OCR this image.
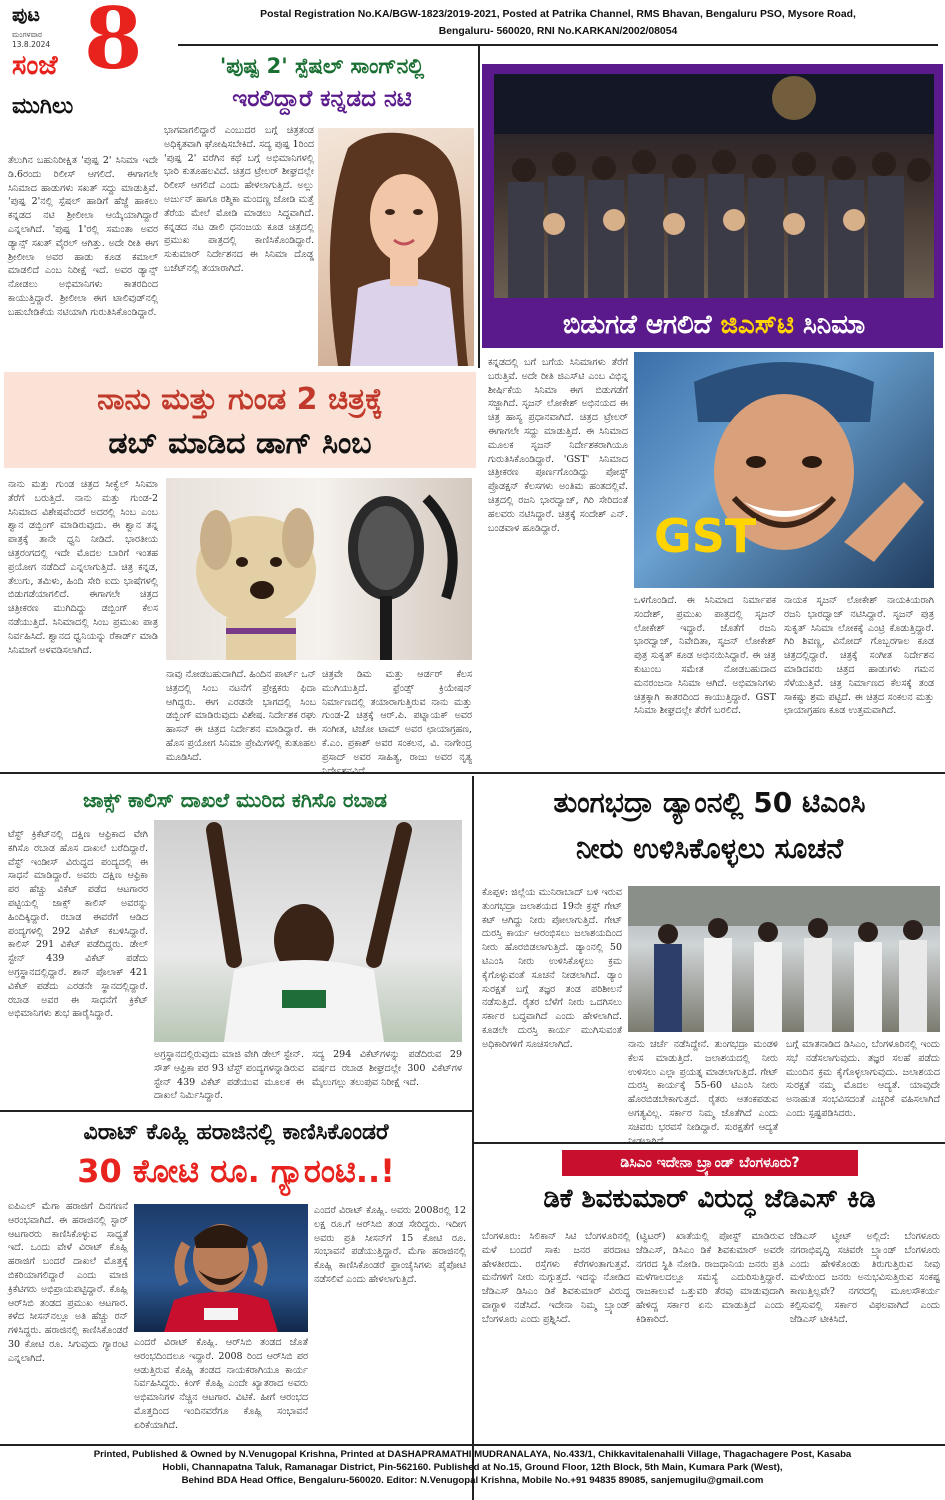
ಪುಟ
ಮಂಗಳವಾರ
13.8.2024 8
ಸಂಜೆ
ಮುಗಿಲು
Postal Registration No.KA/BGW-1823/2019-2021, Posted at Patrika Channel, RMS Bhavan, Bengaluru PSO, Mysore Road,
Bengaluru- 560020, RNI No.KARKAN/2002/08054
'ಪುಷ್ಪ 2' ಸ್ಪೆಷಲ್ ಸಾಂಗ್‌ನಲ್ಲಿ
ಇರಲಿದ್ದಾರೆ ಕನ್ನಡದ ನಟಿ
ತೆಲುಗಿನ ಬಹುನಿರೀಕ್ಷಿತ 'ಪುಷ್ಪ 2' ಸಿನಿಮಾ ಇದೇ ಡಿ.6ರಂದು ರಿಲೀಸ್ ಆಗಲಿದೆ. ಈಗಾಗಲೇ ಸಿನಿಮಾದ ಹಾಡುಗಳು ಸಖತ್ ಸದ್ದು ಮಾಡುತ್ತಿವೆ. 'ಪುಷ್ಪ 2'ನಲ್ಲಿ ಸ್ಪೆಷಲ್ ಹಾಡಿಗೆ ಹೆಜ್ಜೆ ಹಾಕಲು ಕನ್ನಡದ ನಟಿ ಶ್ರೀಲೀಲಾ ಆಯ್ಕೆಯಾಗಿದ್ದಾರೆ ಎನ್ನಲಾಗಿದೆ. 'ಪುಷ್ಪ 1'ರಲ್ಲಿ ಸಮಂತಾ ಅವರ ಡ್ಯಾನ್ಸ್ ಸಖತ್ ವೈರಲ್ ಆಗಿತ್ತು. ಅದೇ ರೀತಿ ಈಗ ಶ್ರೀಲೀಲಾ ಅವರ ಹಾಡು ಕೂಡ ಕಮಾಲ್ ಮಾಡಲಿದೆ ಎಂಬ ನಿರೀಕ್ಷೆ ಇದೆ. ಅವರ ಡ್ಯಾನ್ಸ್ ನೋಡಲು ಅಭಿಮಾನಿಗಳು ಕಾತರದಿಂದ ಕಾಯುತ್ತಿದ್ದಾರೆ. ಶ್ರೀಲೀಲಾ ಈಗ ಟಾಲಿವುಡ್‌ನಲ್ಲಿ ಬಹುಬೇಡಿಕೆಯ ನಟಿಯಾಗಿ ಗುರುತಿಸಿಕೊಂಡಿದ್ದಾರೆ.
ಭಾಗವಾಗಲಿದ್ದಾರೆ ಎಂಬುದರ ಬಗ್ಗೆ ಚಿತ್ರತಂಡ ಅಧಿಕೃತವಾಗಿ ಘೋಷಿಸಬೇಕಿದೆ. ಸದ್ಯ ಪುಷ್ಪ 1ರಿಂದ 'ಪುಷ್ಪ 2' ವರೆಗಿನ ಕಥೆ ಬಗ್ಗೆ ಅಭಿಮಾನಿಗಳಲ್ಲಿ ಭಾರಿ ಕುತೂಹಲವಿದೆ. ಚಿತ್ರದ ಟ್ರೇಲರ್ ಶೀಘ್ರದಲ್ಲೇ ರಿಲೀಸ್ ಆಗಲಿದೆ ಎಂದು ಹೇಳಲಾಗುತ್ತಿದೆ. ಅಲ್ಲು ಅರ್ಜುನ್ ಹಾಗೂ ರಶ್ಮಿಕಾ ಮಂದಣ್ಣ ಜೋಡಿ ಮತ್ತೆ ತೆರೆಯ ಮೇಲೆ ಮೋಡಿ ಮಾಡಲು ಸಿದ್ಧವಾಗಿದೆ. ಕನ್ನಡದ ನಟ ಡಾಲಿ ಧನಂಜಯ ಕೂಡ ಚಿತ್ರದಲ್ಲಿ ಪ್ರಮುಖ ಪಾತ್ರದಲ್ಲಿ ಕಾಣಿಸಿಕೊಂಡಿದ್ದಾರೆ. ಸುಕುಮಾರ್ ನಿರ್ದೇಶನದ ಈ ಸಿನಿಮಾ ದೊಡ್ಡ ಬಜೆಟ್‌ನಲ್ಲಿ ತಯಾರಾಗಿದೆ.
ಬಿಡುಗಡೆ ಆಗಲಿದೆ ಜಿಎಸ್‌ಟಿ ಸಿನಿಮಾ
ಕನ್ನಡದಲ್ಲಿ ಬಗೆ ಬಗೆಯ ಸಿನಿಮಾಗಳು ತೆರೆಗೆ ಬರುತ್ತಿವೆ. ಅದೇ ರೀತಿ ಜಿಎಸ್‌ಟಿ ಎಂಬ ವಿಭಿನ್ನ ಶೀರ್ಷಿಕೆಯ ಸಿನಿಮಾ ಈಗ ಬಿಡುಗಡೆಗೆ ಸಜ್ಜಾಗಿದೆ. ಸೃಜನ್ ಲೋಕೇಶ್ ಅಭಿನಯದ ಈ ಚಿತ್ರ ಹಾಸ್ಯ ಪ್ರಧಾನವಾಗಿದೆ. ಚಿತ್ರದ ಟ್ರೇಲರ್ ಈಗಾಗಲೇ ಸದ್ದು ಮಾಡುತ್ತಿದೆ. ಈ ಸಿನಿಮಾದ ಮೂಲಕ ಸೃಜನ್ ನಿರ್ದೇಶಕರಾಗಿಯೂ ಗುರುತಿಸಿಕೊಂಡಿದ್ದಾರೆ. 'GST' ಸಿನಿಮಾದ ಚಿತ್ರೀಕರಣ ಪೂರ್ಣಗೊಂಡಿದ್ದು ಪೋಸ್ಟ್ ಪ್ರೊಡಕ್ಷನ್ ಕೆಲಸಗಳು ಅಂತಿಮ ಹಂತದಲ್ಲಿವೆ. ಚಿತ್ರದಲ್ಲಿ ರಜನಿ ಭಾರದ್ವಾಜ್, ಗಿರಿ ಸೇರಿದಂತೆ ಹಲವರು ನಟಿಸಿದ್ದಾರೆ. ಚಿತ್ರಕ್ಕೆ ಸಂದೇಶ್ ಎನ್. ಬಂಡವಾಳ ಹೂಡಿದ್ದಾರೆ.	GST
ಒಳಗೊಂಡಿದೆ. ಈ ಸಿನಿಮಾದ ನಿರ್ಮಾಪಕ ಸಂದೇಶ್, ಪ್ರಮುಖ ಪಾತ್ರದಲ್ಲಿ ಸೃಜನ್ ಲೋಕೇಶ್ ಇದ್ದಾರೆ. ಜೊತೆಗೆ ರಜನಿ ಭಾರದ್ವಾಜ್, ನಿವೇದಿತಾ, ಸೃಜನ್ ಲೋಕೇಶ್ ಪುತ್ರ ಸುಕೃತ್ ಕೂಡ ಅಭಿನಯಿಸಿದ್ದಾರೆ. ಈ ಚಿತ್ರ ಕುಟುಂಬ ಸಮೇತ ನೋಡಬಹುದಾದ ಮನರಂಜನಾ ಸಿನಿಮಾ ಆಗಿದೆ. ಅಭಿಮಾನಿಗಳು ಚಿತ್ರಕ್ಕಾಗಿ ಕಾತರದಿಂದ ಕಾಯುತ್ತಿದ್ದಾರೆ. GST ಸಿನಿಮಾ ಶೀಘ್ರದಲ್ಲೇ ತೆರೆಗೆ ಬರಲಿದೆ.
ನಾಯಕ ಸೃಜನ್ ಲೋಕೇಶ್ ನಾಯಕಿಯರಾಗಿ ರಜನಿ ಭಾರದ್ವಾಜ್ ನಟಿಸಿದ್ದಾರೆ. ಸೃಜನ್ ಪುತ್ರ ಸುಕೃತ್ ಸಿನಿಮಾ ಲೋಕಕ್ಕೆ ಎಂಟ್ರಿ ಕೊಡುತ್ತಿದ್ದಾರೆ. ಗಿರಿ ಶಿವಣ್ಣ, ವಿನೋದ್ ಗೊಬ್ಬರಗಾಲ ಕೂಡ ಚಿತ್ರದಲ್ಲಿದ್ದಾರೆ. ಚಿತ್ರಕ್ಕೆ ಸಂಗೀತ ನಿರ್ದೇಶನ ಮಾಡಿದವರು ಚಿತ್ರದ ಹಾಡುಗಳು ಗಮನ ಸೆಳೆಯುತ್ತಿವೆ. ಚಿತ್ರ ನಿರ್ಮಾಣದ ಕೆಲಸಕ್ಕೆ ತಂಡ ಸಾಕಷ್ಟು ಶ್ರಮ ಪಟ್ಟಿದೆ. ಈ ಚಿತ್ರದ ಸಂಕಲನ ಮತ್ತು ಛಾಯಾಗ್ರಹಣ ಕೂಡ ಉತ್ತಮವಾಗಿದೆ.
ನಾನು ಮತ್ತು ಗುಂಡ 2 ಚಿತ್ರಕ್ಕೆ
ಡಬ್ ಮಾಡಿದ ಡಾಗ್ ಸಿಂಬ
ನಾನು ಮತ್ತು ಗುಂಡ ಚಿತ್ರದ ಸೀಕ್ವೆಲ್ ಸಿನಿಮಾ ತೆರೆಗೆ ಬರುತ್ತಿದೆ. ನಾನು ಮತ್ತು ಗುಂಡ-2 ಸಿನಿಮಾದ ವಿಶೇಷವೆಂದರೆ ಅದರಲ್ಲಿ ಸಿಂಬ ಎಂಬ ಶ್ವಾನ ಡಬ್ಬಿಂಗ್ ಮಾಡಿರುವುದು. ಈ ಶ್ವಾನ ತನ್ನ ಪಾತ್ರಕ್ಕೆ ತಾನೇ ಧ್ವನಿ ನೀಡಿದೆ. ಭಾರತೀಯ ಚಿತ್ರರಂಗದಲ್ಲಿ ಇದೇ ಮೊದಲ ಬಾರಿಗೆ ಇಂತಹ ಪ್ರಯೋಗ ನಡೆದಿದೆ ಎನ್ನಲಾಗುತ್ತಿದೆ. ಚಿತ್ರ ಕನ್ನಡ, ತೆಲುಗು, ತಮಿಳು, ಹಿಂದಿ ಸೇರಿ ಐದು ಭಾಷೆಗಳಲ್ಲಿ ಬಿಡುಗಡೆಯಾಗಲಿದೆ. ಈಗಾಗಲೇ ಚಿತ್ರದ ಚಿತ್ರೀಕರಣ ಮುಗಿದಿದ್ದು ಡಬ್ಬಿಂಗ್ ಕೆಲಸ ನಡೆಯುತ್ತಿದೆ. ಸಿನಿಮಾದಲ್ಲಿ ಸಿಂಬ ಪ್ರಮುಖ ಪಾತ್ರ ನಿರ್ವಹಿಸಿದೆ. ಶ್ವಾನದ ಧ್ವನಿಯನ್ನು ರೆಕಾರ್ಡ್ ಮಾಡಿ ಸಿನಿಮಾಗೆ ಅಳವಡಿಸಲಾಗಿದೆ.
ನಾವು ನೋಡಬಹುದಾಗಿದೆ. ಹಿಂದಿನ ಪಾರ್ಟ್ ಒನ್ ಚಿತ್ರದಲ್ಲಿ ಸಿಂಬ ನಟನೆಗೆ ಪ್ರೇಕ್ಷಕರು ಫಿದಾ ಆಗಿದ್ದರು. ಈಗ ಎರಡನೇ ಭಾಗದಲ್ಲಿ ಸಿಂಬ ಡಬ್ಬಿಂಗ್ ಮಾಡಿರುವುದು ವಿಶೇಷ. ನಿರ್ದೇಶಕ ರಘು ಹಾಸನ್ ಈ ಚಿತ್ರದ ನಿರ್ದೇಶನ ಮಾಡಿದ್ದಾರೆ. ಈ ಹೊಸ ಪ್ರಯೋಗ ಸಿನಿಮಾ ಪ್ರೇಮಿಗಳಲ್ಲಿ ಕುತೂಹಲ ಮೂಡಿಸಿದೆ.
ಚಿತ್ರವೇ ಡಿಮ ಮತ್ತು ಆರ್ಡರ್ ಕೆಲಸ ಮುಗಿಯುತ್ತಿದೆ. ಫ್ರೆಂಡ್ಸ್ ಕ್ರಿಯೇಷನ್ ನಿರ್ಮಾಣದಲ್ಲಿ ತಯಾರಾಗುತ್ತಿರುವ ನಾನು ಮತ್ತು ಗುಂಡ-2 ಚಿತ್ರಕ್ಕೆ ಆರ್.ಪಿ. ಪಟ್ನಾಯಕ್ ಅವರ ಸಂಗೀತ, ಟಿಜೋ ಟಾಮ್ ಅವರ ಛಾಯಾಗ್ರಹಣ, ಕೆ.ಎಂ. ಪ್ರಕಾಶ್ ಅವರ ಸಂಕಲನ, ವಿ. ನಾಗೇಂದ್ರ ಪ್ರಸಾದ್ ಅವರ ಸಾಹಿತ್ಯ, ರಾಜು ಅವರ ನೃತ್ಯ
ಜಾಕ್ಸ್ ಕಾಲಿಸ್ ದಾಖಲೆ ಮುರಿದ ಕಗಿಸೊ ರಬಾಡ
ಟೆಸ್ಟ್ ಕ್ರಿಕೆಟ್‌ನಲ್ಲಿ ದಕ್ಷಿಣ ಆಫ್ರಿಕಾದ ವೇಗಿ ಕಗಿಸೊ ರಬಾಡ ಹೊಸ ದಾಖಲೆ ಬರೆದಿದ್ದಾರೆ. ವೆಸ್ಟ್ ಇಂಡೀಸ್ ವಿರುದ್ಧದ ಪಂದ್ಯದಲ್ಲಿ ಈ ಸಾಧನೆ ಮಾಡಿದ್ದಾರೆ. ಅವರು ದಕ್ಷಿಣ ಆಫ್ರಿಕಾ ಪರ ಹೆಚ್ಚು ವಿಕೆಟ್ ಪಡೆದ ಆಟಗಾರರ ಪಟ್ಟಿಯಲ್ಲಿ ಜಾಕ್ಸ್ ಕಾಲಿಸ್ ಅವರನ್ನು ಹಿಂದಿಕ್ಕಿದ್ದಾರೆ. ರಬಾಡ ಈವರೆಗೆ ಆಡಿದ ಪಂದ್ಯಗಳಲ್ಲಿ 292 ವಿಕೆಟ್ ಕಬಳಿಸಿದ್ದಾರೆ. ಕಾಲಿಸ್ 291 ವಿಕೆಟ್ ಪಡೆದಿದ್ದರು. ಡೇಲ್ ಸ್ಟೇನ್ 439 ವಿಕೆಟ್ ಪಡೆದು ಅಗ್ರಸ್ಥಾನದಲ್ಲಿದ್ದಾರೆ. ಶಾನ್ ಪೊಲಾಕ್ 421 ವಿಕೆಟ್ ಪಡೆದು ಎರಡನೇ ಸ್ಥಾನದಲ್ಲಿದ್ದಾರೆ. ರಬಾಡ ಅವರ ಈ ಸಾಧನೆಗೆ ಕ್ರಿಕೆಟ್ ಅಭಿಮಾನಿಗಳು ಶುಭ ಹಾರೈಸಿದ್ದಾರೆ.
ಅಗ್ರಸ್ಥಾನದಲ್ಲಿರುವುದು ಮಾಜಿ ವೇಗಿ ಡೇಲ್ ಸ್ಟೇನ್. ಸೌತ್ ಆಫ್ರಿಕಾ ಪರ 93 ಟೆಸ್ಟ್ ಪಂದ್ಯಗಳನ್ನಾಡಿರುವ ಸ್ಟೇನ್ 439 ವಿಕೆಟ್ ಪಡೆಯುವ ಮೂಲಕ ಈ ದಾಖಲೆ ನಿರ್ಮಿಸಿದ್ದಾರೆ.
ಸದ್ಯ 294 ವಿಕೆಟ್‌ಗಳನ್ನು ಪಡೆದಿರುವ 29 ವರ್ಷದ ರಬಾಡ ಶೀಘ್ರದಲ್ಲೇ 300 ವಿಕೆಟ್‌ಗಳ ಮೈಲುಗಲ್ಲು ತಲುಪುವ ನಿರೀಕ್ಷೆ ಇದೆ.
ತುಂಗಭದ್ರಾ ಡ್ಯಾಂನಲ್ಲಿ 50 ಟಿಎಂಸಿ
ನೀರು ಉಳಿಸಿಕೊಳ್ಳಲು ಸೂಚನೆ
ಕೊಪ್ಪಳ: ಜಿಲ್ಲೆಯ ಮುನಿರಾಬಾದ್ ಬಳಿ ಇರುವ ತುಂಗಭದ್ರಾ ಜಲಾಶಯದ 19ನೇ ಕ್ರಸ್ಟ್ ಗೇಟ್ ಕಟ್ ಆಗಿದ್ದು ನೀರು ಪೋಲಾಗುತ್ತಿದೆ. ಗೇಟ್ ದುರಸ್ತಿ ಕಾರ್ಯ ಆರಂಭಿಸಲು ಜಲಾಶಯದಿಂದ ನೀರು ಹೊರಬಿಡಲಾಗುತ್ತಿದೆ. ಡ್ಯಾಂನಲ್ಲಿ 50 ಟಿಎಂಸಿ ನೀರು ಉಳಿಸಿಕೊಳ್ಳಲು ಕ್ರಮ ಕೈಗೊಳ್ಳುವಂತೆ ಸೂಚನೆ ನೀಡಲಾಗಿದೆ. ಡ್ಯಾಂ ಸುರಕ್ಷತೆ ಬಗ್ಗೆ ತಜ್ಞರ ತಂಡ ಪರಿಶೀಲನೆ ನಡೆಸುತ್ತಿದೆ. ರೈತರ ಬೆಳೆಗೆ ನೀರು ಒದಗಿಸಲು ಸರ್ಕಾರ ಬದ್ಧವಾಗಿದೆ ಎಂದು ಹೇಳಲಾಗಿದೆ. ಕೂಡಲೇ ದುರಸ್ತಿ ಕಾರ್ಯ ಮುಗಿಸುವಂತೆ ಅಧಿಕಾರಿಗಳಿಗೆ ಸೂಚಿಸಲಾಗಿದೆ.	ನಾನು ಚರ್ಚೆ ನಡೆಸಿದ್ದೇನೆ. ತುಂಗಭದ್ರಾ ಮಂಡಳಿ ಕೆಲಸ ಮಾಡುತ್ತಿದೆ. ಜಲಾಶಯದಲ್ಲಿ ನೀರು ಉಳಿಸಲು ಎಲ್ಲಾ ಪ್ರಯತ್ನ ಮಾಡಲಾಗುತ್ತಿದೆ. ಗೇಟ್ ದುರಸ್ತಿ ಕಾರ್ಯಕ್ಕೆ 55-60 ಟಿಎಂಸಿ ನೀರು ಹೊರಬಿಡಬೇಕಾಗುತ್ತದೆ. ರೈತರು ಆತಂಕಪಡುವ ಅಗತ್ಯವಿಲ್ಲ. ಸರ್ಕಾರ ನಿಮ್ಮ ಜೊತೆಗಿದೆ ಎಂದು ಸಚಿವರು ಭರವಸೆ ನೀಡಿದ್ದಾರೆ. ಸುರಕ್ಷತೆಗೆ ಆದ್ಯತೆ
ಬಗ್ಗೆ ಮಾತನಾಡಿದ ಡಿಸಿಎಂ, ಬೆಂಗಳೂರಿನಲ್ಲಿ ಇಂದು ಸಭೆ ನಡೆಸಲಾಗುವುದು. ತಜ್ಞರ ಸಲಹೆ ಪಡೆದು ಮುಂದಿನ ಕ್ರಮ ಕೈಗೊಳ್ಳಲಾಗುವುದು. ಜಲಾಶಯದ ಸುರಕ್ಷತೆ ನಮ್ಮ ಮೊದಲ ಆದ್ಯತೆ. ಯಾವುದೇ ಅನಾಹುತ ಸಂಭವಿಸದಂತೆ ಎಚ್ಚರಿಕೆ ವಹಿಸಲಾಗಿದೆ ಎಂದು ಸ್ಪಷ್ಟಪಡಿಸಿದರು.
ವಿರಾಟ್ ಕೊಹ್ಲಿ ಹರಾಜಿನಲ್ಲಿ ಕಾಣಿಸಿಕೊಂಡರೆ
30 ಕೋಟಿ ರೂ. ಗ್ಯಾರಂಟಿ..!
ಐಪಿಎಲ್ ಮೆಗಾ ಹರಾಜಿಗೆ ದಿನಗಣನೆ ಆರಂಭವಾಗಿದೆ. ಈ ಹರಾಜಿನಲ್ಲಿ ಸ್ಟಾರ್ ಆಟಗಾರರು ಕಾಣಿಸಿಕೊಳ್ಳುವ ಸಾಧ್ಯತೆ ಇದೆ. ಒಂದು ವೇಳೆ ವಿರಾಟ್ ಕೊಹ್ಲಿ ಹರಾಜಿಗೆ ಬಂದರೆ ದಾಖಲೆ ಮೊತ್ತಕ್ಕೆ ಬಿಕರಿಯಾಗಲಿದ್ದಾರೆ ಎಂದು ಮಾಜಿ ಕ್ರಿಕೆಟಿಗರು ಅಭಿಪ್ರಾಯಪಟ್ಟಿದ್ದಾರೆ. ಕೊಹ್ಲಿ ಆರ್‌ಸಿಬಿ ತಂಡದ ಪ್ರಮುಖ ಆಟಗಾರ. ಕಳೆದ ಸೀಸನ್‌ನಲ್ಲೂ ಅತಿ ಹೆಚ್ಚು ರನ್ ಗಳಿಸಿದ್ದರು. ಹರಾಜಿನಲ್ಲಿ ಕಾಣಿಸಿಕೊಂಡರೆ 30 ಕೋಟಿ ರೂ. ಸಿಗುವುದು ಗ್ಯಾರಂಟಿ ಎನ್ನಲಾಗಿದೆ.
ಎಂದರೆ ವಿರಾಟ್ ಕೊಹ್ಲಿ. ಆರ್‌ಸಿಬಿ ತಂಡದ ಜೊತೆ ಆರಂಭದಿಂದಲೂ ಇದ್ದಾರೆ. 2008 ರಿಂದ ಆರ್‌ಸಿಬಿ ಪರ ಆಡುತ್ತಿರುವ ಕೊಹ್ಲಿ ತಂಡದ ನಾಯಕರಾಗಿಯೂ ಕಾರ್ಯ ನಿರ್ವಹಿಸಿದ್ದರು. ಕಿಂಗ್ ಕೊಹ್ಲಿ ಎಂದೇ ಖ್ಯಾತರಾದ ಅವರು ಅಭಿಮಾನಿಗಳ ನೆಚ್ಚಿನ ಆಟಗಾರ. ವಿಟಿಕೆ. ಹೀಗೆ ಆರಂಭದ ಮೊತ್ತದಿಂದ ಇಂದಿನವರೆಗೂ ಕೊಹ್ಲಿ ಸಂಭಾವನೆ ಏರಿಕೆಯಾಗಿದೆ.
ಎಂದರೆ ವಿರಾಟ್ ಕೊಹ್ಲಿ. ಅವರು 2008ರಲ್ಲಿ 12 ಲಕ್ಷ ರೂ.ಗೆ ಆರ್‌ಸಿಬಿ ತಂಡ ಸೇರಿದ್ದರು. ಇದೀಗ ಅವರು ಪ್ರತಿ ಸೀಸನ್‌ಗೆ 15 ಕೋಟಿ ರೂ. ಸಂಭಾವನೆ ಪಡೆಯುತ್ತಿದ್ದಾರೆ. ಮೆಗಾ ಹರಾಜಿನಲ್ಲಿ ಕೊಹ್ಲಿ ಕಾಣಿಸಿಕೊಂಡರೆ ಫ್ರಾಂಚೈಸಿಗಳು ಪೈಪೋಟಿ ನಡೆಸಲಿವೆ ಎಂದು ಹೇಳಲಾಗುತ್ತಿದೆ.
ಡಿಸಿಎಂ ಇದೇನಾ ಬ್ರ್ಯಾಂಡ್ ಬೆಂಗಳೂರು?
ಡಿಕೆ ಶಿವಕುಮಾರ್ ವಿರುದ್ಧ ಜೆಡಿಎಸ್ ಕಿಡಿ
ಬೆಂಗಳೂರು: ಸಿಲಿಕಾನ್ ಸಿಟಿ ಬೆಂಗಳೂರಿನಲ್ಲಿ ಮಳೆ ಬಂದರೆ ಸಾಕು ಜನರ ಪರದಾಟ ಹೇಳತೀರದು. ರಸ್ತೆಗಳು ಕೆರೆಗಳಂತಾಗುತ್ತವೆ. ಮನೆಗಳಿಗೆ ನೀರು ನುಗ್ಗುತ್ತದೆ. ಇದನ್ನು ನೋಡಿದ ಜೆಡಿಎಸ್ ಡಿಸಿಎಂ ಡಿಕೆ ಶಿವಕುಮಾರ್ ವಿರುದ್ಧ ವಾಗ್ದಾಳಿ ನಡೆಸಿದೆ. ಇದೇನಾ ನಿಮ್ಮ ಬ್ರ್ಯಾಂಡ್ ಬೆಂಗಳೂರು ಎಂದು ಪ್ರಶ್ನಿಸಿದೆ.
(ಟ್ವಿಟರ್) ಖಾತೆಯಲ್ಲಿ ಪೋಸ್ಟ್ ಮಾಡಿರುವ ಜೆಡಿಎಸ್, ಡಿಸಿಎಂ ಡಿಕೆ ಶಿವಕುಮಾರ್ ಅವರೇ ನಗರದ ಸ್ಥಿತಿ ನೋಡಿ. ರಾಜಧಾನಿಯ ಜನರು ಪ್ರತಿ ಮಳೆಗಾಲದಲ್ಲೂ ಸಮಸ್ಯೆ ಎದುರಿಸುತ್ತಿದ್ದಾರೆ. ರಾಜಕಾಲುವೆ ಒತ್ತುವರಿ ತೆರವು ಮಾಡುವುದಾಗಿ ಹೇಳಿದ್ದ ಸರ್ಕಾರ ಏನು ಮಾಡುತ್ತಿದೆ ಎಂದು ಕಿಡಿಕಾರಿದೆ.
ಜೆಡಿಎಸ್ ಟ್ವೀಟ್ ಅಲ್ಲಿದೆ: ಬೆಂಗಳೂರು ನಗರಾಭಿವೃದ್ಧಿ ಸಚಿವರೇ ಬ್ರ್ಯಾಂಡ್ ಬೆಂಗಳೂರು ಎಂದು ಹೇಳಿಕೊಂಡು ತಿರುಗುತ್ತಿರುವ ನೀವು ಮಳೆಯಿಂದ ಜನರು ಅನುಭವಿಸುತ್ತಿರುವ ಸಂಕಷ್ಟ ಕಾಣುತ್ತಿಲ್ಲವೇ? ನಗರದಲ್ಲಿ ಮೂಲಸೌಕರ್ಯ ಕಲ್ಪಿಸುವಲ್ಲಿ ಸರ್ಕಾರ ವಿಫಲವಾಗಿದೆ ಎಂದು ಜೆಡಿಎಸ್ ಟೀಕಿಸಿದೆ.
Printed, Published & Owned by N.Venugopal Krishna, Printed at DASHAPRAMATHI MUDRANALAYA, No.433/1, Chikkavitalenahalli Village, Thagachagere Post, Kasaba
Hobli, Channapatna Taluk, Ramanagar District, Pin-562160. Published at No.15, Ground Floor, 12th Block, 5th Main, Kumara Park (West),
Behind BDA Head Office, Bengaluru-560020. Editor: N.Venugopal Krishna, Mobile No.+91 94835 89085, sanjemugilu@gmail.com
